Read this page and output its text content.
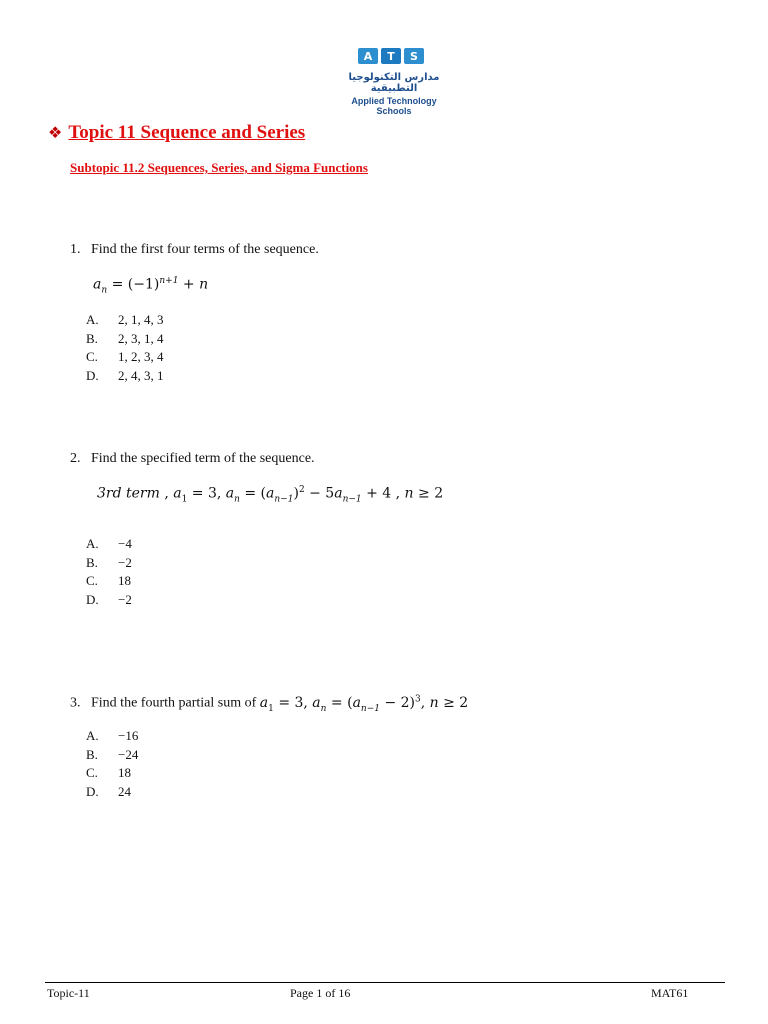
A	T	S
مدارس التكنولوجيا التطبيقية
Applied Technology Schools
❖ Topic 11 Sequence and Series
Subtopic 11.2 Sequences, Series, and Sigma Functions
1. Find the first four terms of the sequence.
$a_n = (-1)^{n+1} + n$
A. 2, 1, 4, 3
B. 2, 3, 1, 4
C. 1, 2, 3, 4
D. 2, 4, 3, 1
2. Find the specified term of the sequence.
3rd term , $a_1 = 3$, $a_n = (a_{n-1})^2 - 5a_{n-1} + 4$ , n ≥ 2
A. −4
B. −2
C. 18
D. −2
3. Find the fourth partial sum of $a_1 = 3$, $a_n = (a_{n-1} - 2)^3$, n ≥ 2
A. −16
B. −24
C. 18
D. 24
Topic-11	Page 1 of 16	MAT61
